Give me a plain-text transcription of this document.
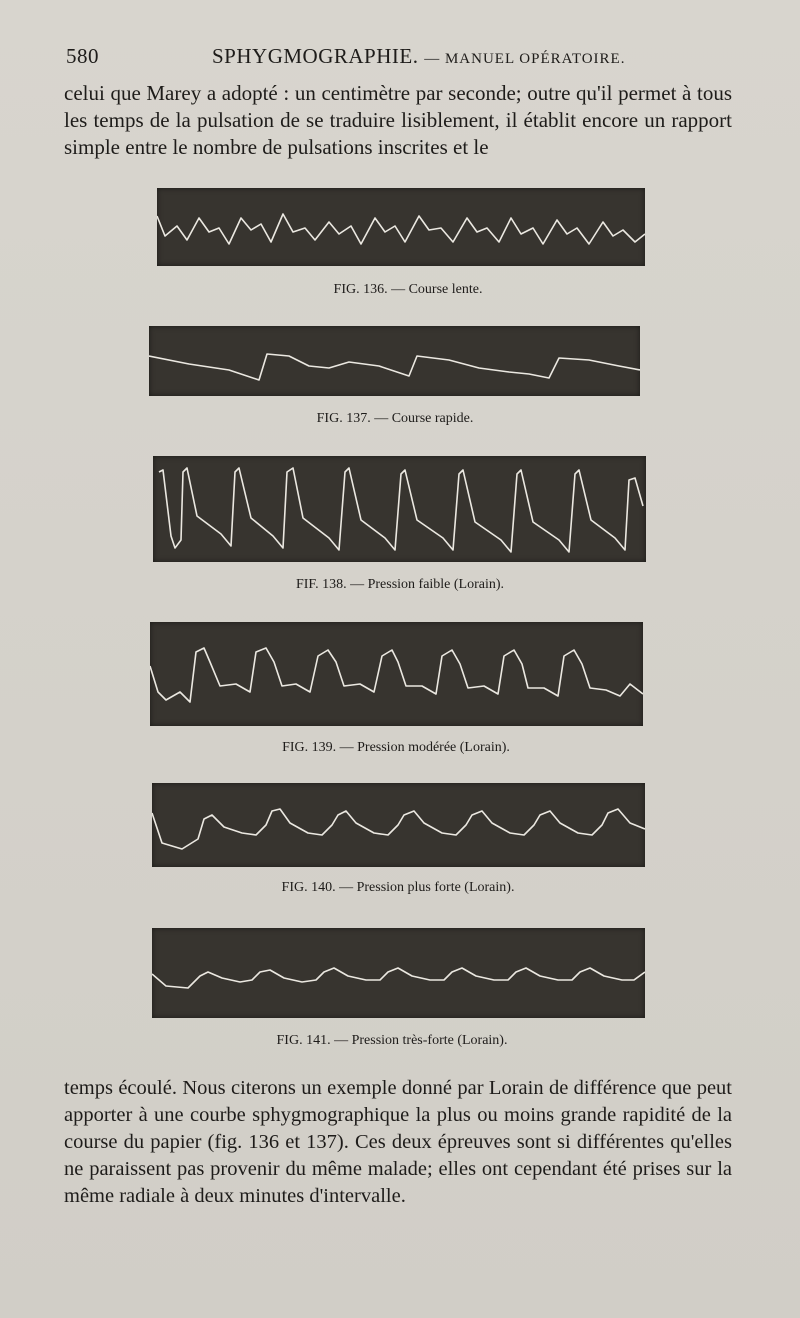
580	SPHYGMOGRAPHIE. — MANUEL OPÉRATOIRE.
celui que Marey a adopté : un centimètre par seconde; outre qu'il permet à tous les temps de la pulsation de se traduire lisiblement, il établit encore un rapport simple entre le nombre de pulsations inscrites et le
FIG. 136. — Course lente.
FIG. 137. — Course rapide.
FIF. 138. — Pression faible (Lorain).
FIG. 139. — Pression modérée (Lorain).
FIG. 140. — Pression plus forte (Lorain).
FIG. 141. — Pression très-forte (Lorain).
temps écoulé. Nous citerons un exemple donné par Lorain de différence que peut apporter à une courbe sphygmographique la plus ou moins grande rapidité de la course du papier (fig. 136 et 137). Ces deux épreuves sont si différentes qu'elles ne paraissent pas provenir du même malade; elles ont cependant été prises sur la même radiale à deux minutes d'intervalle.
